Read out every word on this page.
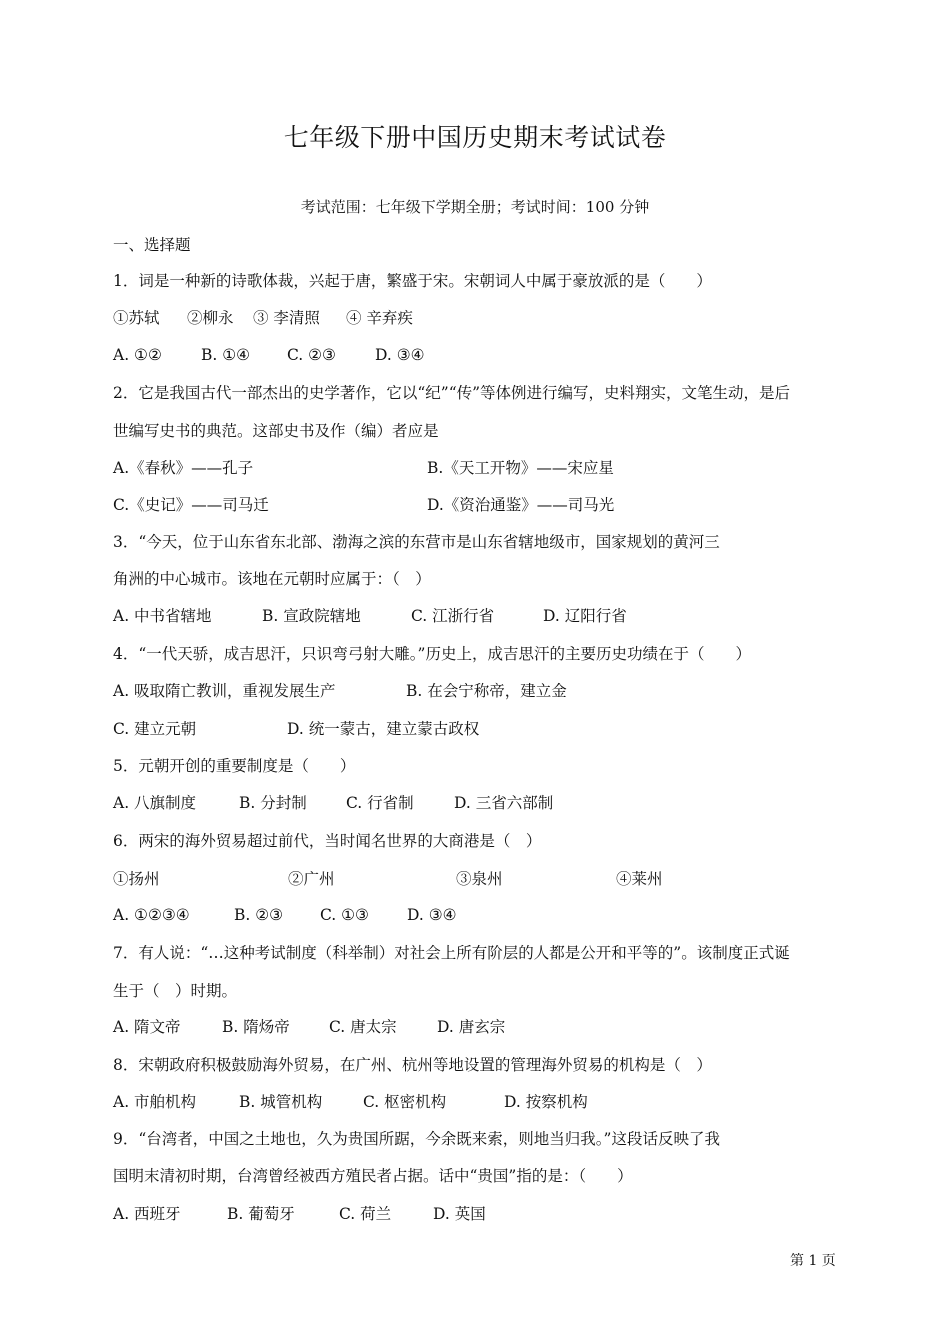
七年级下册中国历史期末考试试卷
考试范围：七年级下学期全册；考试时间：100 分钟
一、选择题
1．词是一种新的诗歌体裁，兴起于唐，繁盛于宋。宋朝词人中属于豪放派的是（　　）
①苏轼 ②柳永 ③ 李清照 ④ 辛弃疾
A. ①②	B. ①④ C. ②③	D. ③④
2．它是我国古代一部杰出的史学著作，它以“纪”“传”等体例进行编写，史料翔实，文笔生动，是后
世编写史书的典范。这部史书及作（编）者应是
A.《春秋》——孔子	B.《天工开物》——宋应星
C.《史记》——司马迁	D.《资治通鉴》——司马光
3．“今天，位于山东省东北部、渤海之滨的东营市是山东省辖地级市，国家规划的黄河三
角洲的中心城市。该地在元朝时应属于：（　）
A. 中书省辖地	B. 宣政院辖地	C. 江浙行省	D. 辽阳行省
4．“一代天骄，成吉思汗，只识弯弓射大雕。”历史上，成吉思汗的主要历史功绩在于（　　）
A. 吸取隋亡教训，重视发展生产	B. 在会宁称帝，建立金
C. 建立元朝	D. 统一蒙古，建立蒙古政权
5．元朝开创的重要制度是（　　）
A. 八旗制度	B. 分封制	C. 行省制	D. 三省六部制
6．两宋的海外贸易超过前代，当时闻名世界的大商港是（　）
①扬州	②广州	③泉州	④莱州
A. ①②③④	B. ②③ C. ①③ D. ③④
7．有人说：“…这种考试制度（科举制）对社会上所有阶层的人都是公开和平等的”。该制度正式诞
生于（　）时期。
A. 隋文帝	B. 隋炀帝	C. 唐太宗	D. 唐玄宗
8．宋朝政府积极鼓励海外贸易，在广州、杭州等地设置的管理海外贸易的机构是（　）
A. 市舶机构	B. 城管机构	C. 枢密机构	D. 按察机构
9．“台湾者，中国之土地也，久为贵国所踞，今余既来索，则地当归我。”这段话反映了我
国明末清初时期，台湾曾经被西方殖民者占据。话中“贵国”指的是：（　　）
A. 西班牙	B. 葡萄牙	C. 荷兰	D. 英国
第 1 页
